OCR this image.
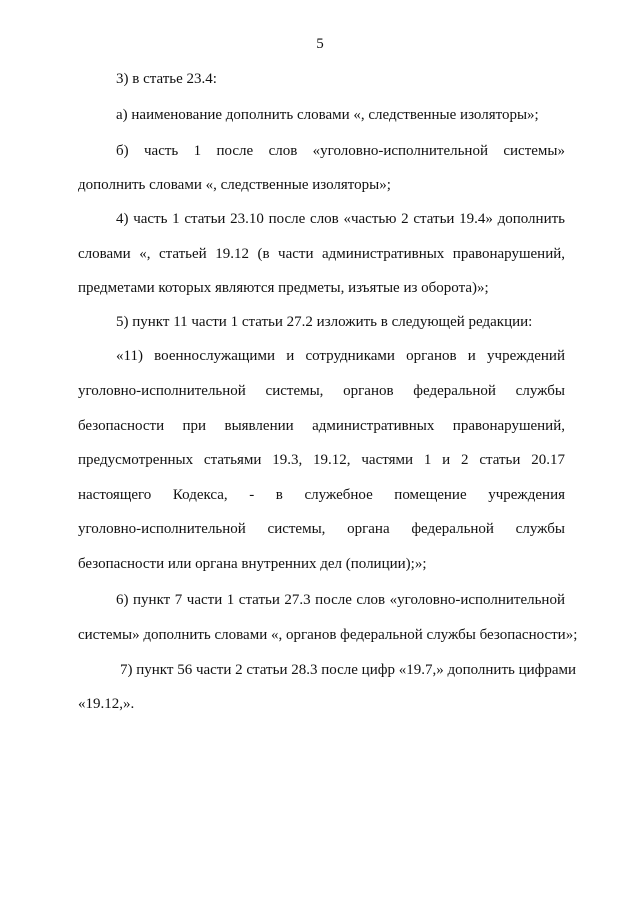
5
3) в статье 23.4:
а) наименование дополнить словами «, следственные изоляторы»;
б) часть 1 после слов «уголовно-исполнительной системы»
дополнить словами «, следственные изоляторы»;
4) часть 1 статьи 23.10 после слов «частью 2 статьи 19.4» дополнить
словами «, статьей 19.12 (в части административных правонарушений,
предметами которых являются предметы, изъятые из оборота)»;
5) пункт 11 части 1 статьи 27.2 изложить в следующей редакции:
«11) военнослужащими и сотрудниками органов и учреждений
уголовно-исполнительной системы, органов федеральной службы
безопасности при выявлении административных правонарушений,
предусмотренных статьями 19.3, 19.12, частями 1 и 2 статьи 20.17
настоящего Кодекса, - в служебное помещение учреждения
уголовно-исполнительной системы, органа федеральной службы
безопасности или органа внутренних дел (полиции);»;
6) пункт 7 части 1 статьи 27.3 после слов «уголовно-исполнительной
системы» дополнить словами «, органов федеральной службы безопасности»;
7) пункт 56 части 2 статьи 28.3 после цифр «19.7,» дополнить цифрами
«19.12,».
